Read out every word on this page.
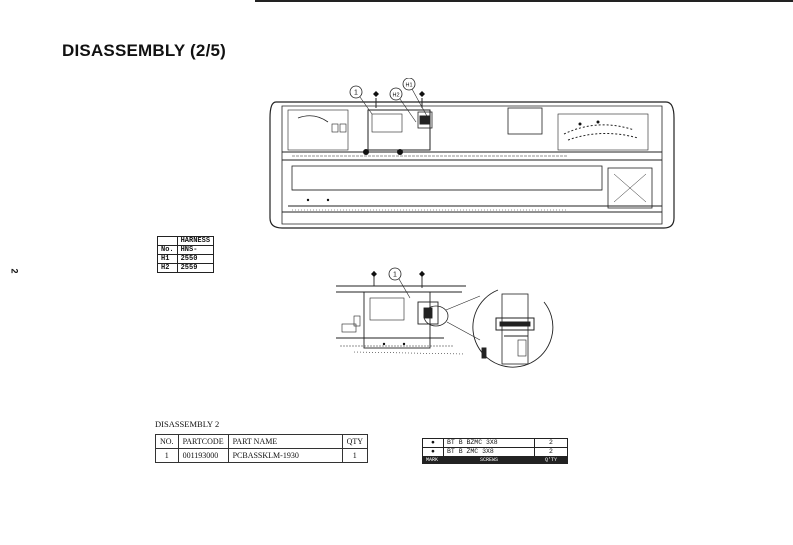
DISASSEMBLY (2/5)
2
1	H2
H1
	HARNESS
No.	HNS-
H1	2550
H2	2559
1
DISASSEMBLY 2
NO.	PARTCODE	PART NAME	QTY
1	001193000	PCBASSKLM-1930	1
●	BT B BZMC 3X8	2
●	BT B ZMC 3X8	2
MARK	SCREWS	Q'TY
